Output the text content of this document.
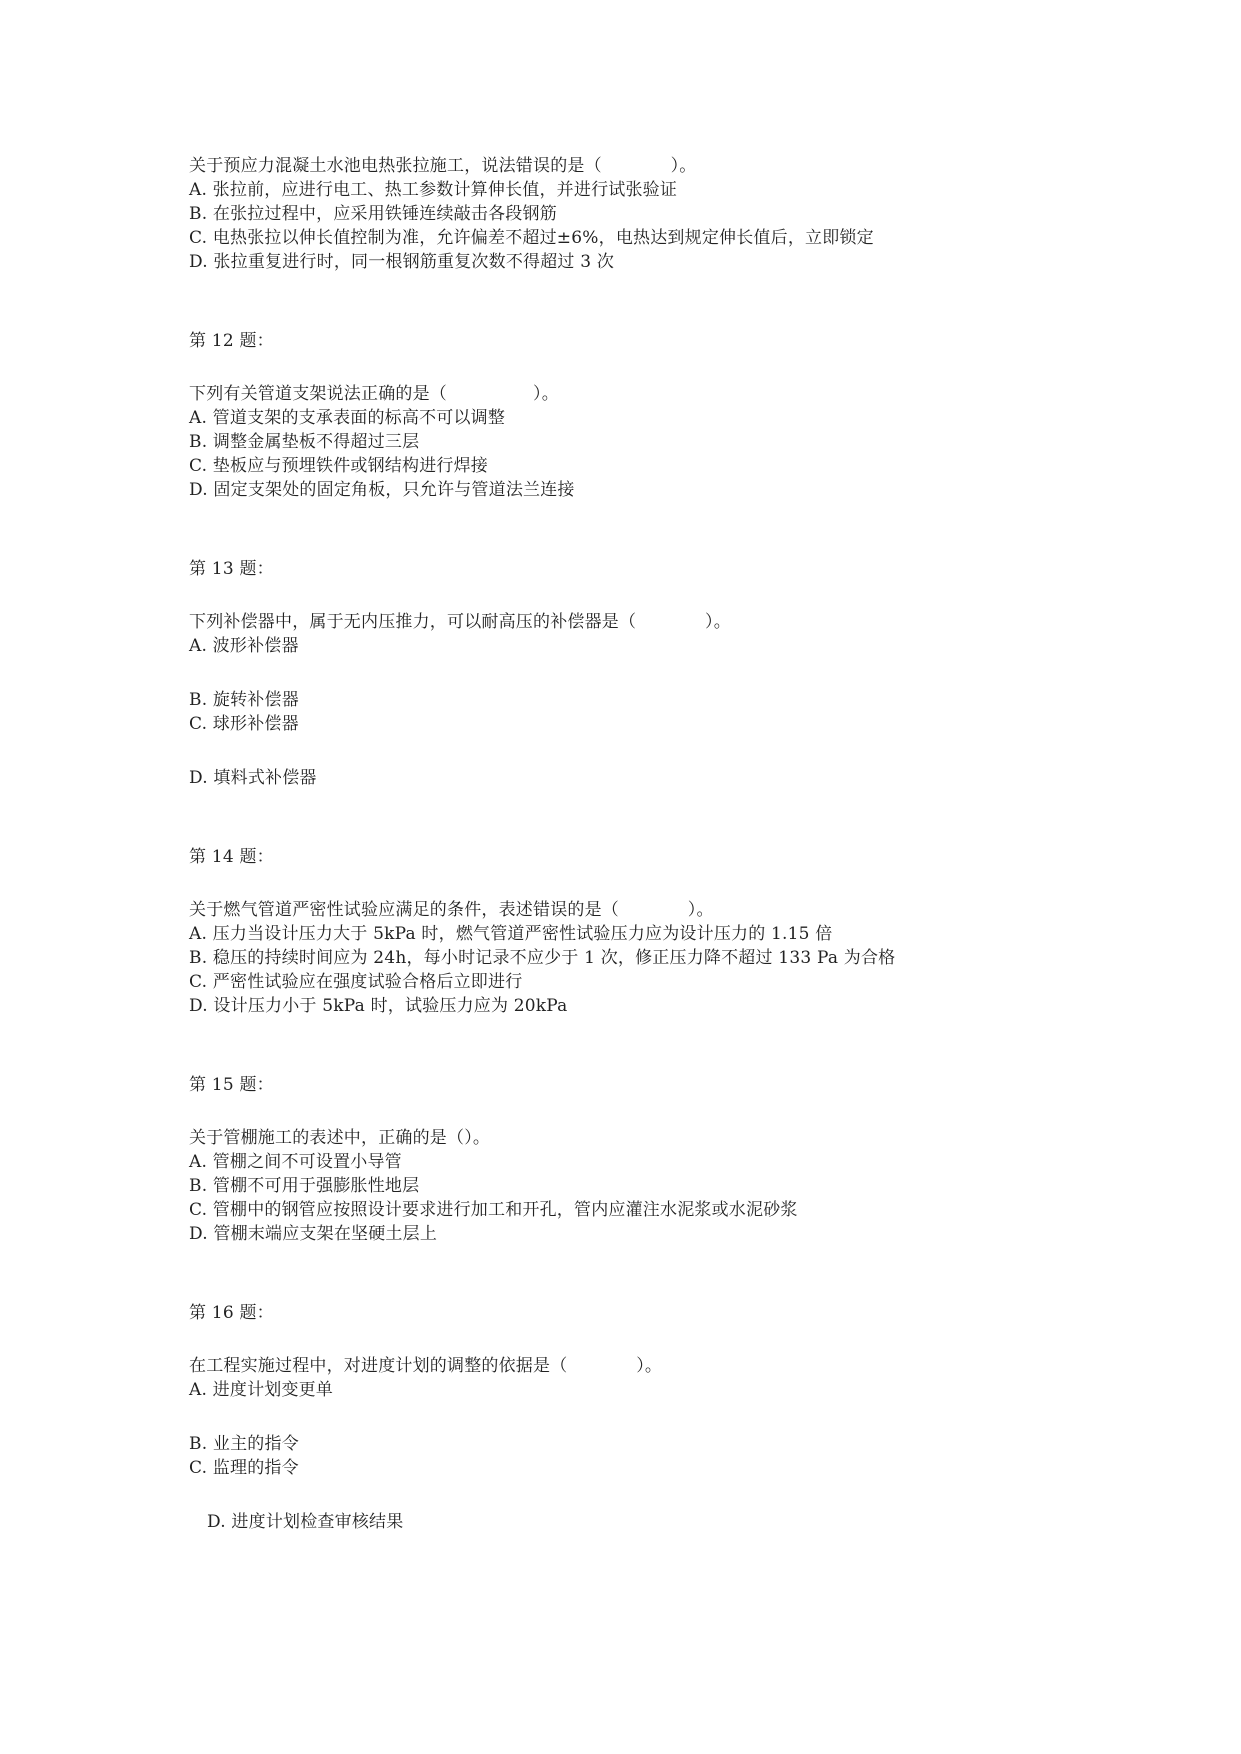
关于预应力混凝土水池电热张拉施工，说法错误的是（　　　　）。
A. 张拉前，应进行电工、热工参数计算伸长值，并进行试张验证
B. 在张拉过程中，应采用铁锤连续敲击各段钢筋
C. 电热张拉以伸长值控制为准，允许偏差不超过±6%，电热达到规定伸长值后，立即锁定
D. 张拉重复进行时，同一根钢筋重复次数不得超过 3 次
第 12 题：
下列有关管道支架说法正确的是（　　　　　）。
A. 管道支架的支承表面的标高不可以调整
B. 调整金属垫板不得超过三层
C. 垫板应与预埋铁件或钢结构进行焊接
D. 固定支架处的固定角板，只允许与管道法兰连接
第 13 题：
下列补偿器中，属于无内压推力，可以耐高压的补偿器是（　　　　）。
A. 波形补偿器
B. 旋转补偿器
C. 球形补偿器
D. 填料式补偿器
第 14 题：
关于燃气管道严密性试验应满足的条件，表述错误的是（　　　　）。
A. 压力当设计压力大于 5kPa 时，燃气管道严密性试验压力应为设计压力的 1.15 倍
B. 稳压的持续时间应为 24h，每小时记录不应少于 1 次，修正压力降不超过 133 Pa 为合格
C. 严密性试验应在强度试验合格后立即进行
D. 设计压力小于 5kPa 时，试验压力应为 20kPa
第 15 题：
关于管棚施工的表述中，正确的是（）。
A. 管棚之间不可设置小导管
B. 管棚不可用于强膨胀性地层
C. 管棚中的钢管应按照设计要求进行加工和开孔，管内应灌注水泥浆或水泥砂浆
D. 管棚末端应支架在坚硬土层上
第 16 题：
在工程实施过程中，对进度计划的调整的依据是（　　　　）。
A. 进度计划变更单
B. 业主的指令
C. 监理的指令
D. 进度计划检查审核结果
